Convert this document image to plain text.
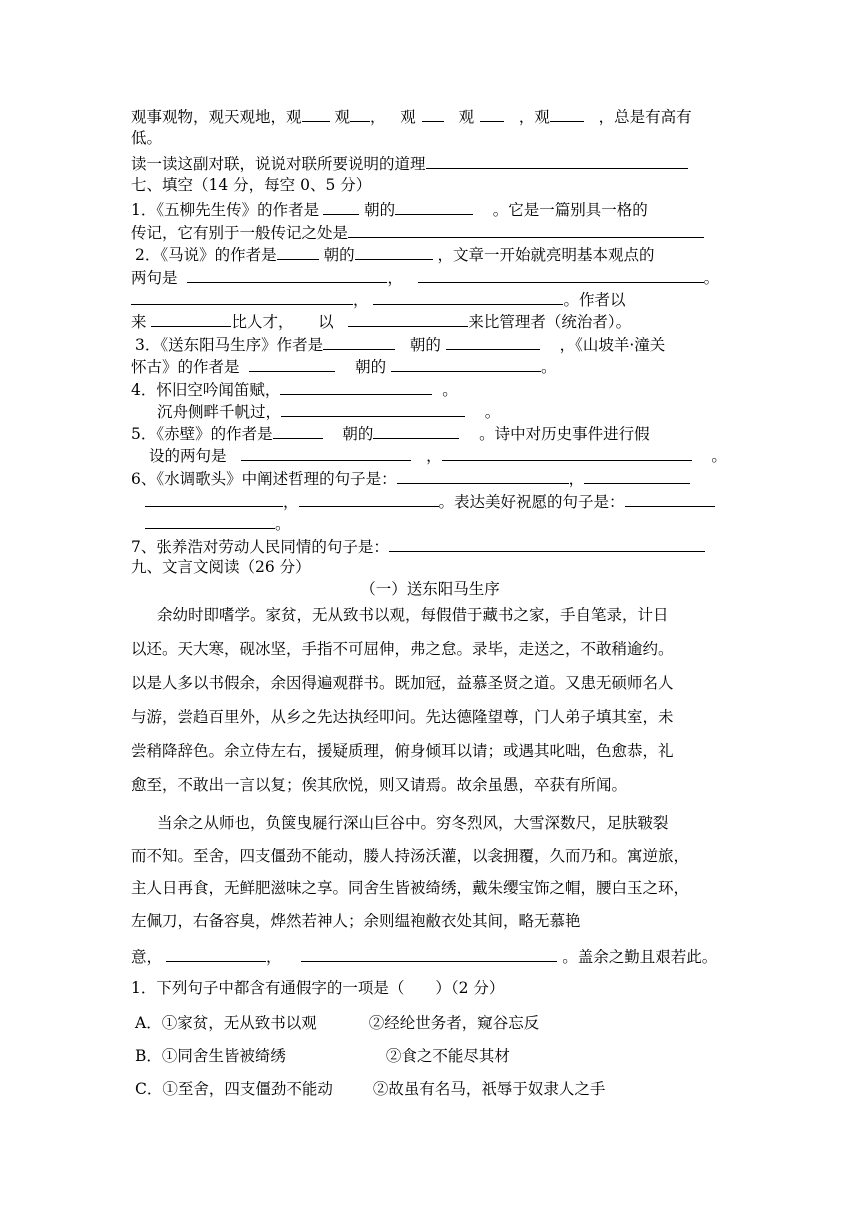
观事观物，观天观地，观 观 ， 观	观	，观	，总是有高有
低。
读一读这副对联，说说对联所要说明的道理
七、填空（14 分，每空 0、5 分）
1．《五柳先生传》的作者是	朝的	。它是一篇别具一格的
传记，它有别于一般传记之处是
2．《马说》的作者是	朝的	，文章一开始就亮明基本观点的
两句是	，	。
，	。作者以
来	比人才， 以	来比管理者（统治者）。
3．《送东阳马生序》作者是	朝的	，《山坡羊·潼关
怀古》的作者是	朝的	。
4．怀旧空吟闻笛赋，	。
沉舟侧畔千帆过，	。
5．《赤壁》的作者是	朝的	。诗中对历史事件进行假
设的两句是	，	。
6、《水调歌头》中阐述哲理的句子是：	，
，	。表达美好祝愿的句子是：
。
7、张养浩对劳动人民同情的句子是：
九、文言文阅读（26 分）
（一）送东阳马生序
余幼时即嗜学。家贫，无从致书以观，每假借于藏书之家，手自笔录，计日
以还。天大寒，砚冰坚，手指不可屈伸，弗之怠。录毕，走送之，不敢稍逾约。
以是人多以书假余，余因得遍观群书。既加冠，益慕圣贤之道。又患无硕师名人
与游，尝趋百里外，从乡之先达执经叩问。先达德隆望尊，门人弟子填其室，未
尝稍降辞色。余立侍左右，援疑质理，俯身倾耳以请；或遇其叱咄，色愈恭，礼
愈至，不敢出一言以复；俟其欣悦，则又请焉。故余虽愚，卒获有所闻。
当余之从师也，负箧曳屣行深山巨谷中。穷冬烈风，大雪深数尺，足肤皲裂
而不知。至舍，四支僵劲不能动，媵人持汤沃灌，以衾拥覆，久而乃和。寓逆旅，
主人日再食，无鲜肥滋味之享。同舍生皆被绮绣，戴朱缨宝饰之帽，腰白玉之环，
左佩刀，右备容臭，烨然若神人；余则缊袍敝衣处其间，略无慕艳
意，	，	。盖余之勤且艰若此。
1．下列句子中都含有通假字的一项是（　　）（2 分）
A．①家贫，无从致书以观	②经纶世务者，窥谷忘反
B．①同舍生皆被绮绣	②食之不能尽其材
C．①至舍，四支僵劲不能动	②故虽有名马，祇辱于奴隶人之手
